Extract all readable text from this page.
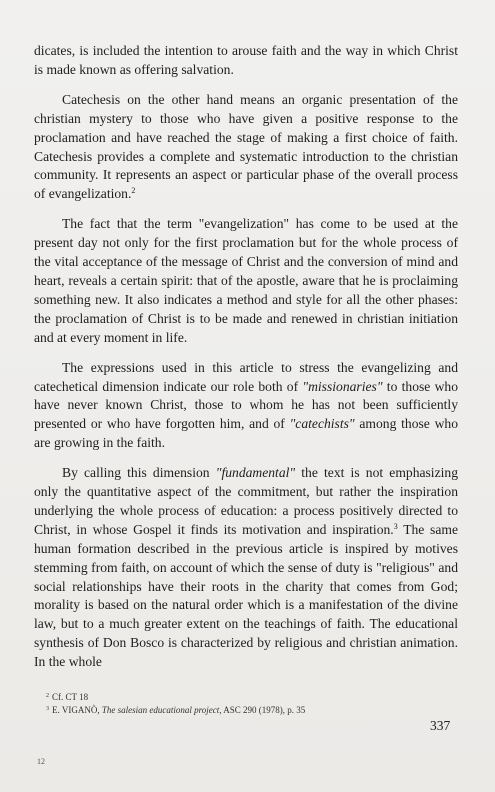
dicates, is included the intention to arouse faith and the way in which Christ is made known as offering salvation.

Catechesis on the other hand means an organic presentation of the christian mystery to those who have given a positive response to the proclamation and have reached the stage of making a first choice of faith. Catechesis provides a complete and systematic introduction to the christian community. It represents an aspect or particular phase of the overall process of evangelization.$^2$

The fact that the term "evangelization" has come to be used at the present day not only for the first proclamation but for the whole process of the vital acceptance of the message of Christ and the conversion of mind and heart, reveals a certain spirit: that of the apostle, aware that he is proclaiming something new. It also indicates a method and style for all the other phases: the proclamation of Christ is to be made and renewed in christian initiation and at every moment in life.

The expressions used in this article to stress the evangelizing and catechetical dimension indicate our role both of "missionaries" to those who have never known Christ, those to whom he has not been sufficiently presented or who have forgotten him, and of "catechists" among those who are growing in the faith.

By calling this dimension "fundamental" the text is not emphasizing only the quantitative aspect of the commitment, but rather the inspiration underlying the whole process of education: a process positively directed to Christ, in whose Gospel it finds its motivation and inspiration.$^3$ The same human formation described in the previous article is inspired by motives stemming from faith, on account of which the sense of duty is "religious" and social relationships have their roots in the charity that comes from God; morality is based on the natural order which is a manifestation of the divine law, but to a much greater extent on the teachings of faith. The educational synthesis of Don Bosco is characterized by religious and christian animation. In the whole

$^2$ Cf. CT 18
$^3$ E. VIGANÒ, The salesian educational project, ASC 290 (1978), p. 35
337
12
